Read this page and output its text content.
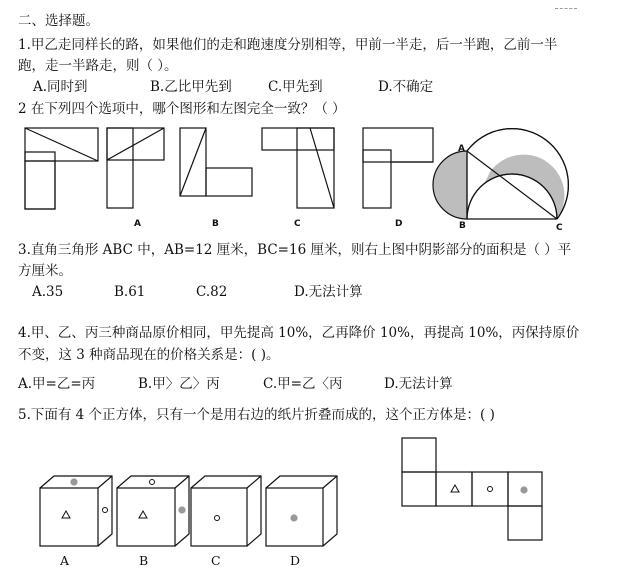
二、选择题。
1.甲乙走同样长的路，如果他们的走和跑速度分别相等，甲前一半走，后一半跑，乙前一半
跑，走一半路走，则（ ）。
A.同时到	B.乙比甲先到	C.甲先到	D.不确定
2 在下列四个选项中，哪个图形和左图完全一致？（ ）
A	B	C	D
A
B	C
3.直角三角形 ABC 中，AB=12 厘米，BC=16 厘米，则右上图中阴影部分的面积是（ ）平
方厘米。
A.35	B.61	C.82	D.无法计算
4.甲、乙、丙三种商品原价相同，甲先提高 10%，乙再降价 10%，再提高 10%，丙保持原价
不变，这 3 种商品现在的价格关系是：( )。
A.甲=乙=丙	B.甲〉乙〉丙	C.甲=乙〈丙	D.无法计算
5.下面有 4 个正方体，只有一个是用右边的纸片折叠而成的，这个正方体是：( )
A	B	C	D
